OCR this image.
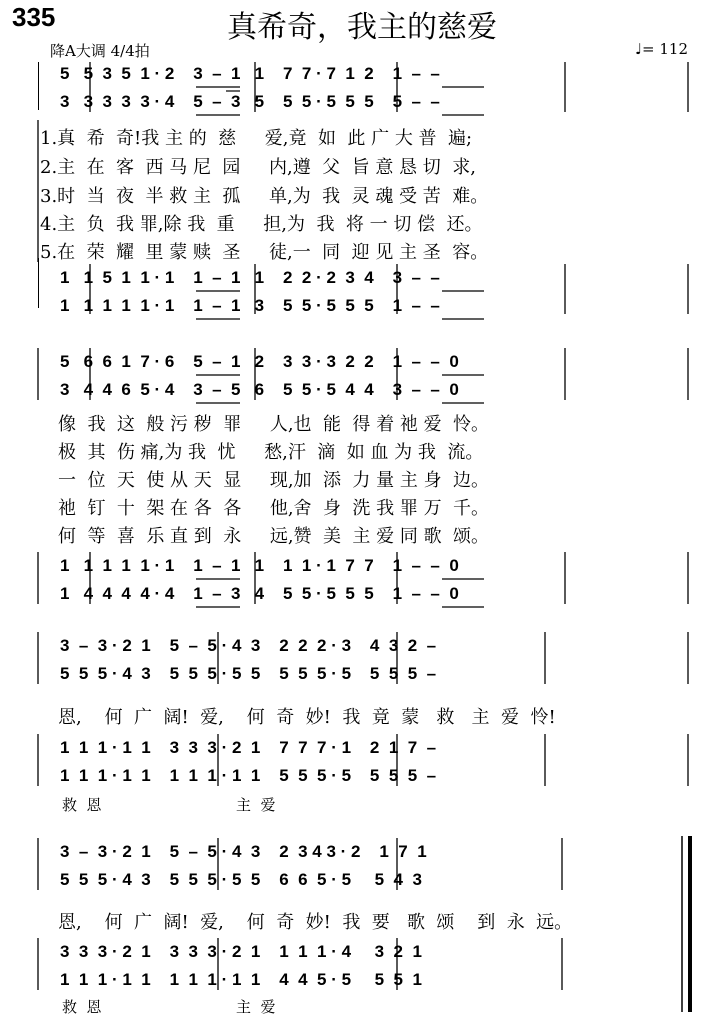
335	真希奇，我主的慈爱
降A大调 4/4拍	♩= 112
5   5  3  5  1 · 2    3  –  1   1    7  7 · 7  1  2    1  –  –
3   3  3  3  3 · 4    5  –  3   5    5  5 · 5  5  5    5  –  –
1.真  希  奇!我 主 的  慈     爱,竟  如  此 广 大 普  遍;
2.主  在  客  西 马 尼  园     内,遵  父  旨 意 恳 切  求,
3.时  当  夜  半 救 主  孤     单,为  我  灵 魂 受 苦  难。
4.主  负  我 罪,除 我  重     担,为  我  将 一 切 偿  还。
5.在  荣  耀  里 蒙 赎  圣     徒,一  同  迎 见 主 圣  容。
1   1  5  1  1 · 1    1  –  1   1    2  2 · 2  3  4    3  –  –
1   1  1  1  1 · 1    1  –  1   3    5  5 · 5  5  5    1  –  –
5   6  6  1  7 · 6    5  –  1   2    3  3 · 3  2  2    1  –  –  0
3   4  4  6  5 · 4    3  –  5   6    5  5 · 5  4  4    3  –  –  0
像  我  这  般 污 秽  罪     人,也  能  得 着 祂 爱  怜。
极  其  伤 痛,为 我  忧     愁,汗  滴  如 血 为 我  流。
一  位  天  使 从 天  显     现,加  添  力 量 主 身  边。
祂  钉  十  架 在 各  各     他,舍  身  洗 我 罪 万  千。
何  等  喜  乐 直 到  永     远,赞  美  主 爱 同 歌  颂。
1   1  1  1  1 · 1    1  –  1   1    1  1 · 1  7  7    1  –  –  0
1   4  4  4  4 · 4    1  –  3   4    5  5 · 5  5  5    1  –  –  0
3  –  3 · 2  1    5  –  5 · 4  3    2  2  2 · 3    4  3  2  –
5  5  5 · 4  3    5  5  5 · 5  5    5  5  5 · 5    5  5  5  –
恩,    何  广  阔!  爱,    何  奇  妙!  我  竟  蒙   救   主  爱  怜!
1  1  1 · 1  1    3  3  3 · 2  1    7  7  7 · 1    2  1  7  –
1  1  1 · 1  1    1  1  1 · 1  1    5  5  5 · 5    5  5  5  –
救  恩	主  爱
3  –  3 · 2  1    5  –  5 · 4  3    2  3 4 3 · 2    1  7  1
5  5  5 · 4  3    5  5  5 · 5  5    6  6  5 · 5     5  4  3
恩,    何  广  阔!  爱,    何  奇  妙!  我  要   歌  颂    到  永  远。
3  3  3 · 2  1    3  3  3 · 2  1    1  1  1 · 4     3  2  1
1  1  1 · 1  1    1  1  1 · 1  1    4  4  5 · 5     5  5  1
救  恩	主  爱
